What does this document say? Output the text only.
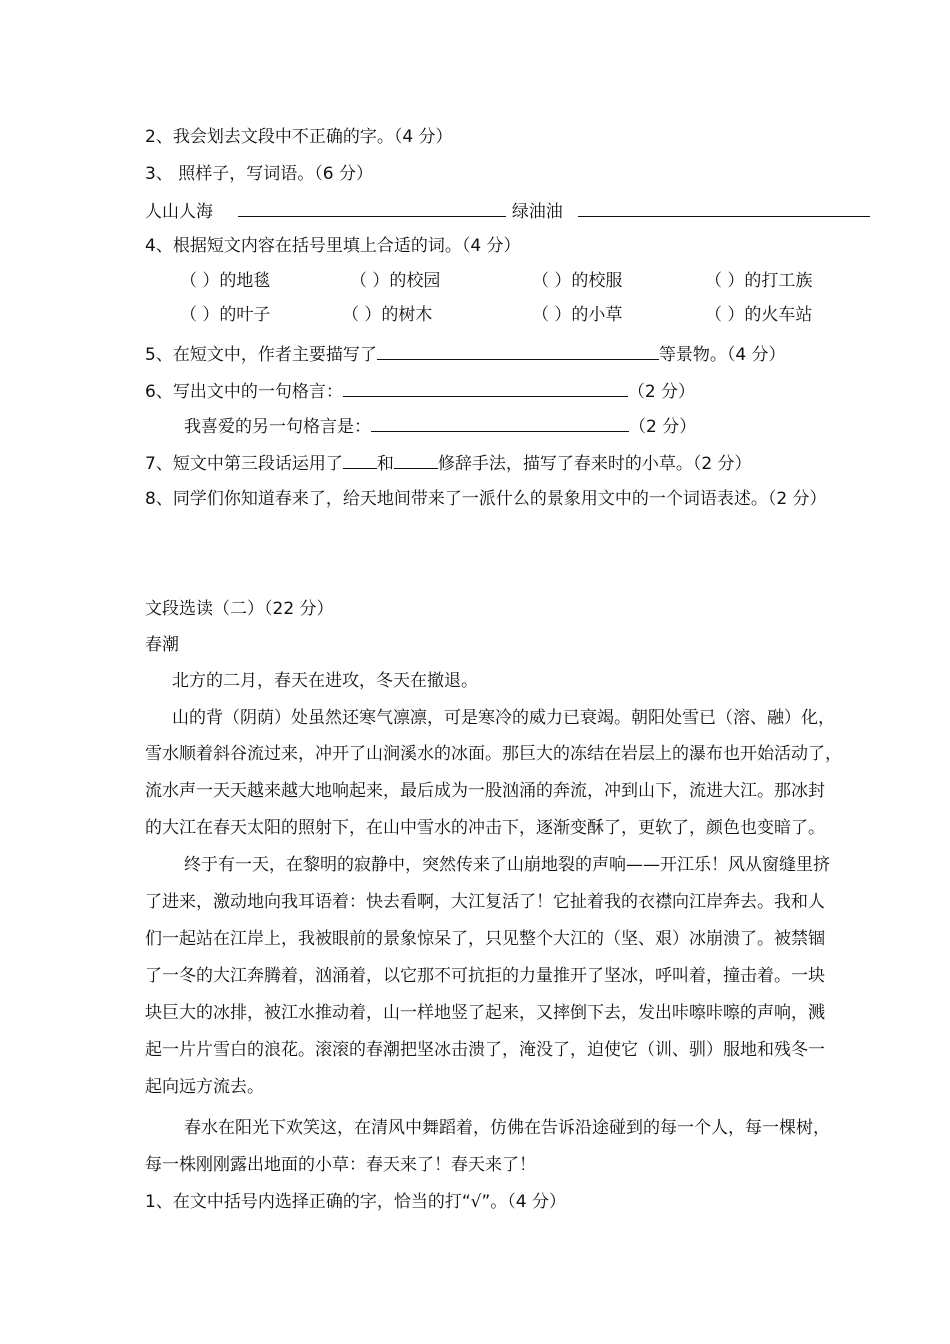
2、我会划去文段中不正确的字。（4 分）
3、 照样子，写词语。（6 分）
人山人海	绿油油
4、根据短文内容在括号里填上合适的词。（4 分）
（ ）的地毯	（ ）的校园	（ ）的校服	（ ）的打工族
（ ）的叶子	（ ）的树木	（ ）的小草	（ ）的火车站
5、在短文中，作者主要描写了	等景物。（4 分）
6、写出文中的一句格言：	（2 分）
我喜爱的另一句格言是：	（2 分）
7、短文中第三段话运用了 和	修辞手法，描写了春来时的小草。（2 分）
8、同学们你知道春来了，给天地间带来了一派什么的景象用文中的一个词语表述。（2 分）
文段选读（二）（22 分）
春潮
北方的二月，春天在进攻，冬天在撤退。
山的背（阴荫）处虽然还寒气凛凛，可是寒冷的威力已衰竭。朝阳处雪已（溶、融）化，
雪水顺着斜谷流过来，冲开了山涧溪水的冰面。那巨大的冻结在岩层上的瀑布也开始活动了，
流水声一天天越来越大地响起来，最后成为一股汹涌的奔流，冲到山下，流进大江。那冰封
的大江在春天太阳的照射下，在山中雪水的冲击下，逐渐变酥了，更软了，颜色也变暗了。
终于有一天，在黎明的寂静中，突然传来了山崩地裂的声响——开江乐！风从窗缝里挤
了进来，激动地向我耳语着：快去看啊，大江复活了！它扯着我的衣襟向江岸奔去。我和人
们一起站在江岸上，我被眼前的景象惊呆了，只见整个大江的（坚、艰）冰崩溃了。被禁锢
了一冬的大江奔腾着，汹涌着，以它那不可抗拒的力量推开了坚冰，呼叫着，撞击着。一块
块巨大的冰排，被江水推动着，山一样地竖了起来，又摔倒下去，发出咔嚓咔嚓的声响，溅
起一片片雪白的浪花。滚滚的春潮把坚冰击溃了，淹没了，迫使它（训、驯）服地和残冬一
起向远方流去。
春水在阳光下欢笑这，在清风中舞蹈着，仿佛在告诉沿途碰到的每一个人，每一棵树，
每一株刚刚露出地面的小草：春天来了！春天来了！
1、在文中括号内选择正确的字，恰当的打“√”。（4 分）
